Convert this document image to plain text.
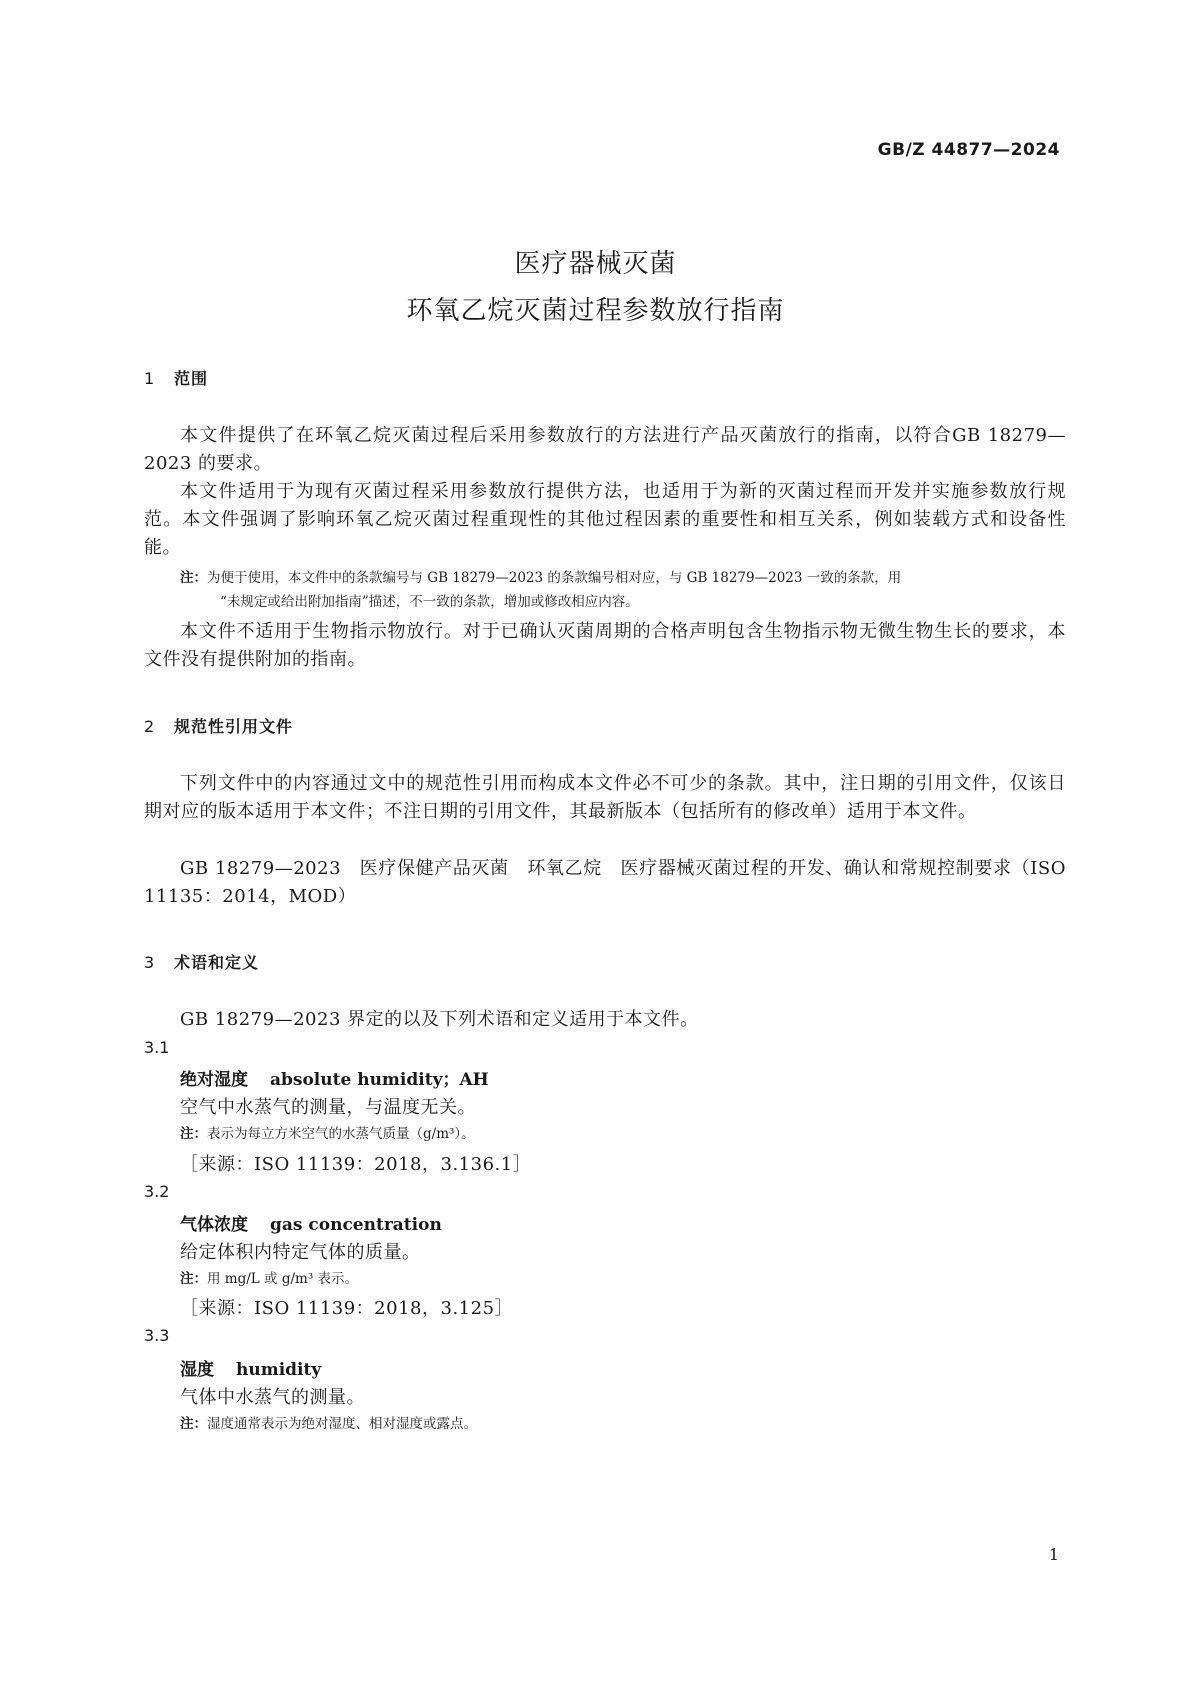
GB/Z 44877—2024
医疗器械灭菌
环氧乙烷灭菌过程参数放行指南
1 范围
本文件提供了在环氧乙烷灭菌过程后采用参数放行的方法进行产品灭菌放行的指南，以符合GB 18279—2023 的要求。
本文件适用于为现有灭菌过程采用参数放行提供方法，也适用于为新的灭菌过程而开发并实施参数放行规范。本文件强调了影响环氧乙烷灭菌过程重现性的其他过程因素的重要性和相互关系，例如装载方式和设备性能。
注：为便于使用，本文件中的条款编号与 GB 18279—2023 的条款编号相对应，与 GB 18279—2023 一致的条款，用
“未规定或给出附加指南”描述，不一致的条款，增加或修改相应内容。
本文件不适用于生物指示物放行。对于已确认灭菌周期的合格声明包含生物指示物无微生物生长的要求，本文件没有提供附加的指南。
2 规范性引用文件
下列文件中的内容通过文中的规范性引用而构成本文件必不可少的条款。其中，注日期的引用文件，仅该日期对应的版本适用于本文件；不注日期的引用文件，其最新版本（包括所有的修改单）适用于本文件。
GB 18279—2023　医疗保健产品灭菌　环氧乙烷　医疗器械灭菌过程的开发、确认和常规控制要求（ISO 11135：2014，MOD）
3 术语和定义
GB 18279—2023 界定的以及下列术语和定义适用于本文件。
3.1
绝对湿度 absolute humidity；AH
空气中水蒸气的测量，与温度无关。
注：表示为每立方米空气的水蒸气质量（g/m³）。
［来源：ISO 11139：2018，3.136.1］
3.2
气体浓度 gas concentration
给定体积内特定气体的质量。
注：用 mg/L 或 g/m³ 表示。
［来源：ISO 11139：2018，3.125］
3.3
湿度 humidity
气体中水蒸气的测量。
注：湿度通常表示为绝对湿度、相对湿度或露点。
1
